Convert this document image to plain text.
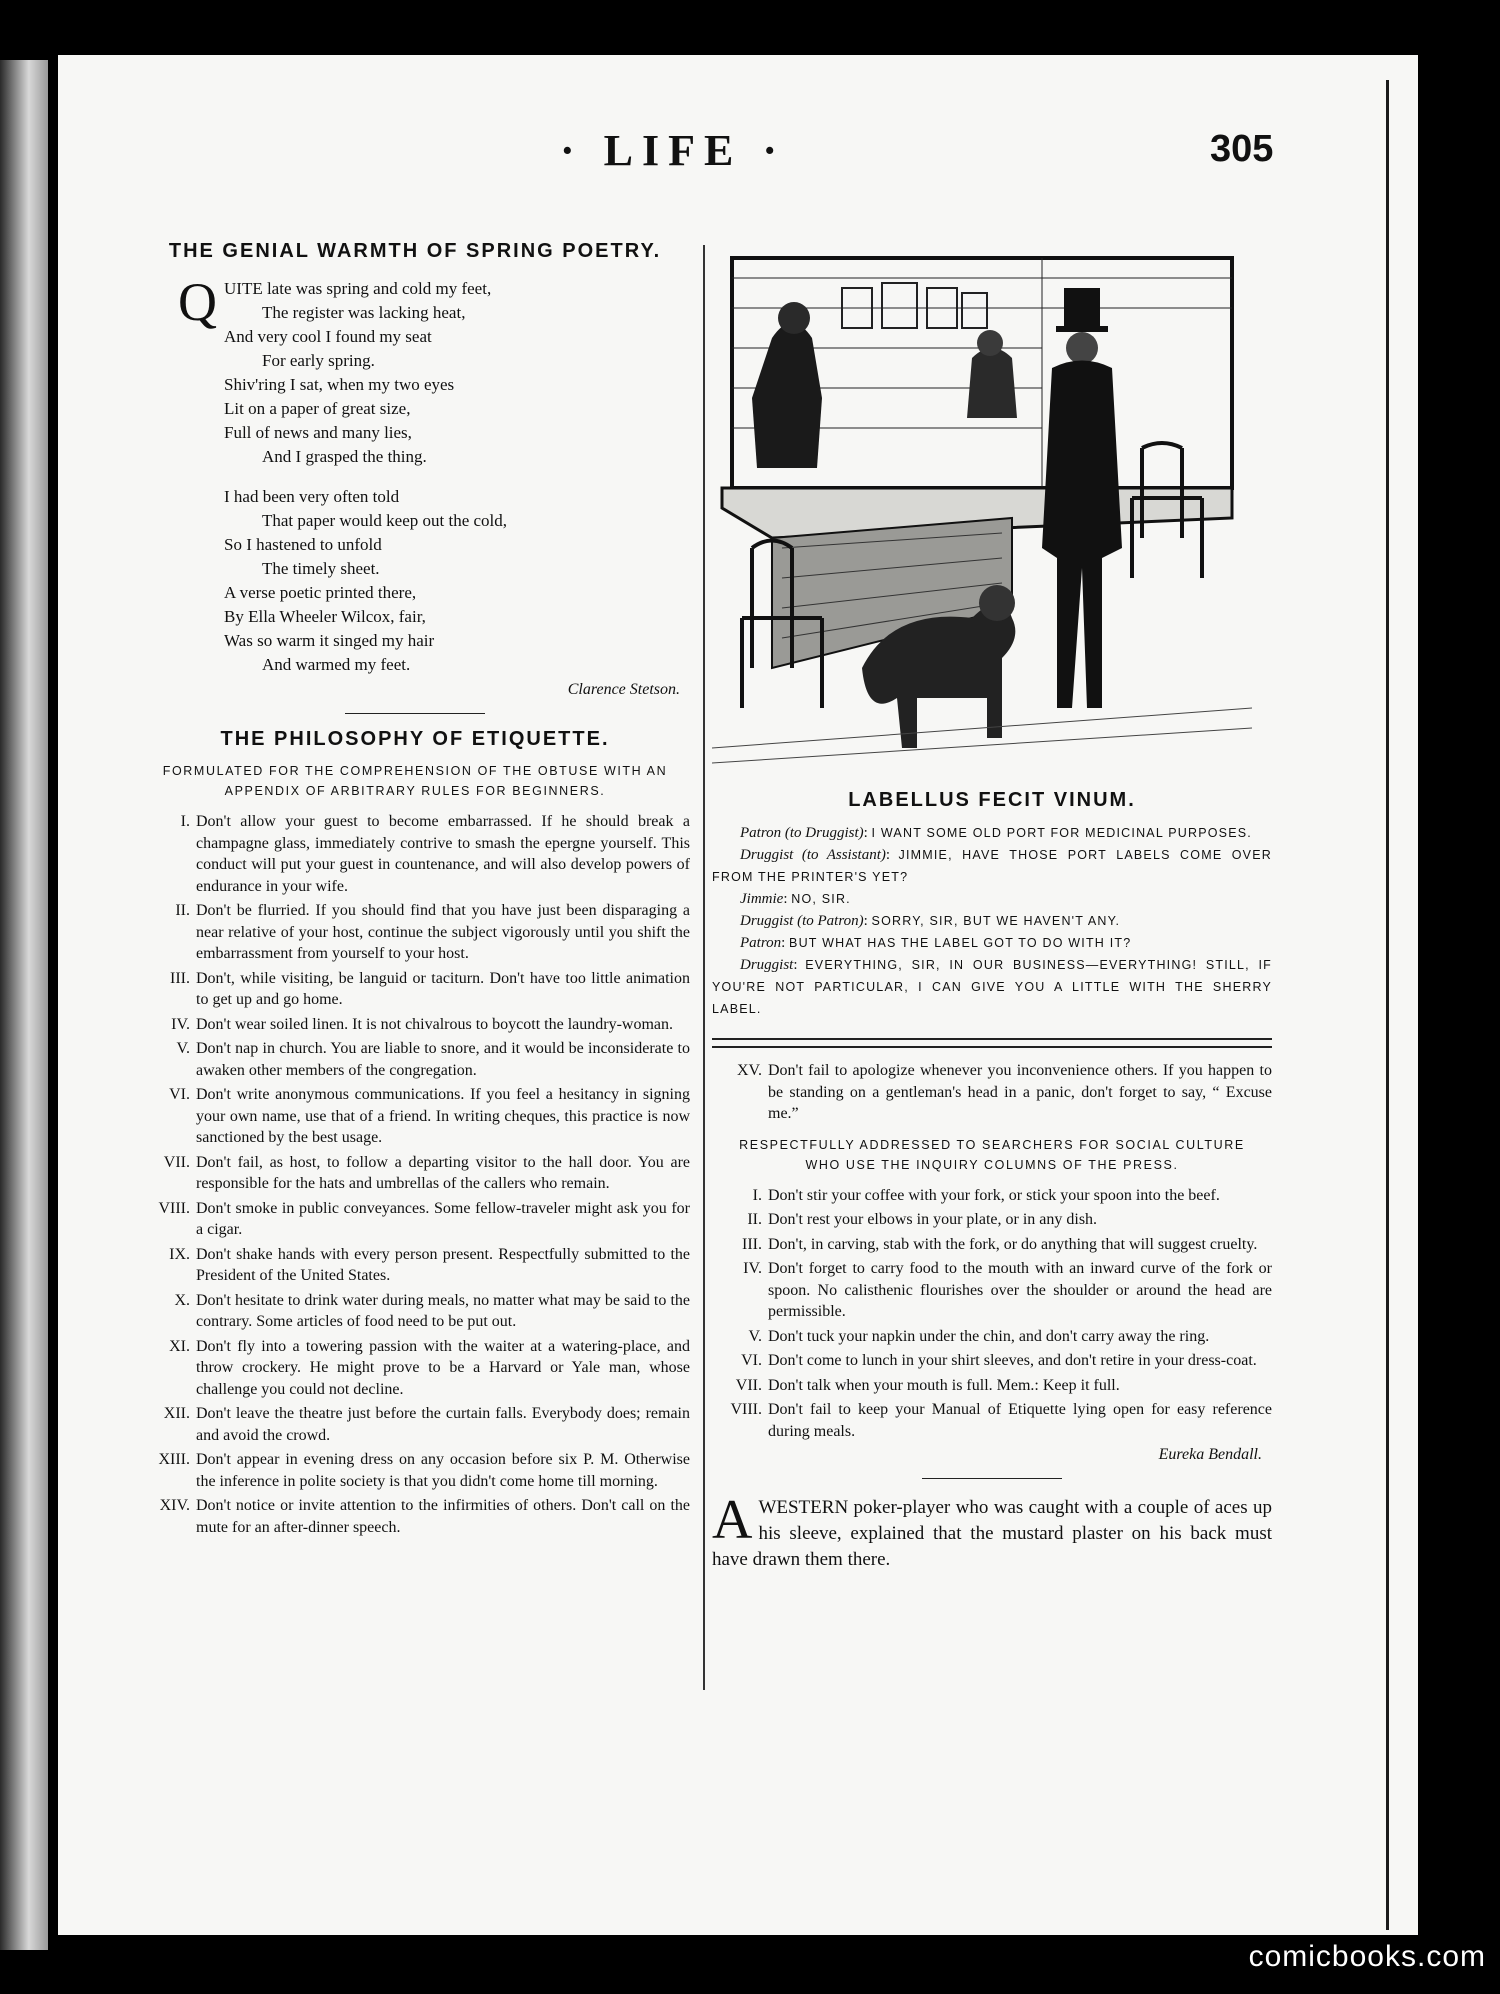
· LIFE ·	305
THE GENIAL WARMTH OF SPRING POETRY.
Q UITE late was spring and cold my feet,
The register was lacking heat,
And very cool I found my seat
For early spring.
Shiv'ring I sat, when my two eyes
Lit on a paper of great size,
Full of news and many lies,
And I grasped the thing.
I had been very often told
That paper would keep out the cold,
So I hastened to unfold
The timely sheet.
A verse poetic printed there,
By Ella Wheeler Wilcox, fair,
Was so warm it singed my hair
And warmed my feet.
Clarence Stetson.
THE PHILOSOPHY OF ETIQUETTE.
FORMULATED FOR THE COMPREHENSION OF THE OBTUSE WITH AN
APPENDIX OF ARBITRARY RULES FOR BEGINNERS.
I. Don't allow your guest to become embarrassed. If he should break a champagne glass, immediately contrive to smash the epergne yourself. This conduct will put your guest in countenance, and will also develop powers of endurance in your wife.
II. Don't be flurried. If you should find that you have just been disparaging a near relative of your host, continue the subject vigorously until you shift the embarrassment from yourself to your host.
III. Don't, while visiting, be languid or taciturn. Don't have too little animation to get up and go home.
IV. Don't wear soiled linen. It is not chivalrous to boycott the laundry-woman.
V. Don't nap in church. You are liable to snore, and it would be inconsiderate to awaken other members of the congregation.
VI. Don't write anonymous communications. If you feel a hesitancy in signing your own name, use that of a friend. In writing cheques, this practice is now sanctioned by the best usage.
VII. Don't fail, as host, to follow a departing visitor to the hall door. You are responsible for the hats and umbrellas of the callers who remain.
VIII. Don't smoke in public conveyances. Some fellow-traveler might ask you for a cigar.
IX. Don't shake hands with every person present. Respectfully submitted to the President of the United States.
X. Don't hesitate to drink water during meals, no matter what may be said to the contrary. Some articles of food need to be put out.
XI. Don't fly into a towering passion with the waiter at a watering-place, and throw crockery. He might prove to be a Harvard or Yale man, whose challenge you could not decline.
XII. Don't leave the theatre just before the curtain falls. Everybody does; remain and avoid the crowd.
XIII. Don't appear in evening dress on any occasion before six P. M. Otherwise the inference in polite society is that you didn't come home till morning.
XIV. Don't notice or invite attention to the infirmities of others. Don't call on the mute for an after-dinner speech.
LABELLUS FECIT VINUM.

Patron (to Druggist): I WANT SOME OLD PORT FOR MEDICINAL PURPOSES.

Druggist (to Assistant): JIMMIE, HAVE THOSE PORT LABELS COME OVER FROM THE PRINTER'S YET?

Jimmie: NO, SIR.

Druggist (to Patron): SORRY, SIR, BUT WE HAVEN'T ANY.

Patron: BUT WHAT HAS THE LABEL GOT TO DO WITH IT?

Druggist: EVERYTHING, SIR, IN OUR BUSINESS—EVERYTHING! STILL, IF YOU'RE NOT PARTICULAR, I CAN GIVE YOU A LITTLE WITH THE SHERRY LABEL.

XV. Don't fail to apologize whenever you inconvenience others. If you happen to be standing on a gentleman's head in a panic, don't forget to say, “ Excuse me.”
RESPECTFULLY ADDRESSED TO SEARCHERS FOR SOCIAL CULTURE
WHO USE THE INQUIRY COLUMNS OF THE PRESS.
I. Don't stir your coffee with your fork, or stick your spoon into the beef.
II. Don't rest your elbows in your plate, or in any dish.
III. Don't, in carving, stab with the fork, or do anything that will suggest cruelty.
IV. Don't forget to carry food to the mouth with an inward curve of the fork or spoon. No calisthenic flourishes over the shoulder or around the head are permissible.
V. Don't tuck your napkin under the chin, and don't carry away the ring.
VI. Don't come to lunch in your shirt sleeves, and don't retire in your dress-coat.
VII. Don't talk when your mouth is full. Mem.: Keep it full.
VIII. Don't fail to keep your Manual of Etiquette lying open for easy reference during meals.
Eureka Bendall.
AWESTERN poker-player who was caught with a couple of aces up his sleeve, explained that the mustard plaster on his back must have drawn them there.
comicbooks.com
